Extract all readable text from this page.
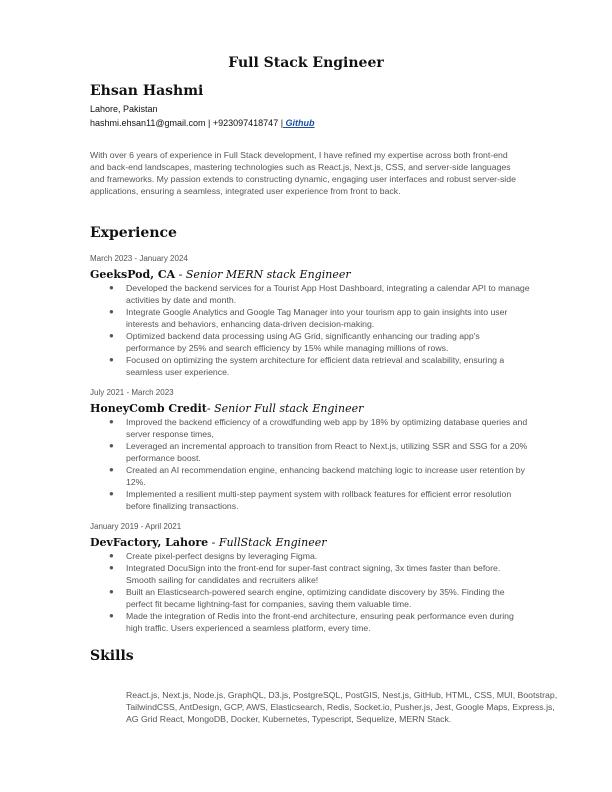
Full Stack Engineer
Ehsan Hashmi
Lahore, Pakistan
hashmi.ehsan11@gmail.com | +923097418747 | Github

With over 6 years of experience in Full Stack development, I have refined my expertise across both front-end and back-end landscapes, mastering technologies such as React.js, Next.js, CSS, and server-side languages and frameworks. My passion extends to constructing dynamic, engaging user interfaces and robust server-side applications, ensuring a seamless, integrated user experience from front to back.

Experience
March 2023 - January 2024
GeeksPod, CA - Senior MERN stack Engineer
● Developed the backend services for a Tourist App Host Dashboard, integrating a calendar API to manage activities by date and month.
● Integrate Google Analytics and Google Tag Manager into your tourism app to gain insights into user interests and behaviors, enhancing data-driven decision-making.
● Optimized backend data processing using AG Grid, significantly enhancing our trading app's performance by 25% and search efficiency by 15% while managing millions of rows.
● Focused on optimizing the system architecture for efficient data retrieval and scalability, ensuring a seamless user experience.
July 2021 - March 2023
HoneyComb Credit- Senior Full stack Engineer
● Improved the backend efficiency of a crowdfunding web app by 18% by optimizing database queries and server response times,
● Leveraged an incremental approach to transition from React to Next.js, utilizing SSR and SSG for a 20% performance boost.
● Created an AI recommendation engine, enhancing backend matching logic to increase user retention by 12%.
● Implemented a resilient multi-step payment system with rollback features for efficient error resolution before finalizing transactions.
January 2019 - April 2021
DevFactory, Lahore - FullStack Engineer
● Create pixel-perfect designs by leveraging Figma.
● Integrated DocuSign into the front-end for super-fast contract signing, 3x times faster than before. Smooth sailing for candidates and recruiters alike!
● Built an Elasticsearch-powered search engine, optimizing candidate discovery by 35%. Finding the perfect fit became lightning-fast for companies, saving them valuable time.
● Made the integration of Redis into the front-end architecture, ensuring peak performance even during high traffic. Users experienced a seamless platform, every time.
Skills

React.js, Next.js, Node.js, GraphQL, D3.js, PostgreSQL, PostGIS, Nest.js, GitHub, HTML, CSS, MUI, Bootstrap, TailwindCSS, AntDesign, GCP, AWS, Elasticsearch, Redis, Socket.io, Pusher.js, Jest, Google Maps, Express.js, AG Grid React, MongoDB, Docker, Kubernetes, Typescript, Sequelize, MERN Stack.
